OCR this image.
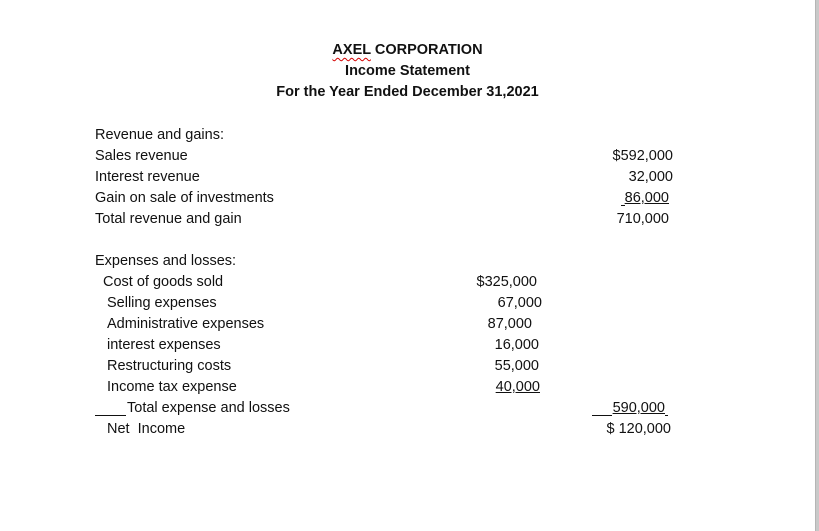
AXEL CORPORATION
Income Statement
For the Year Ended December 31,2021
Revenue and gains:
Sales revenue	$592,000
Interest revenue	32,000
Gain on sale of investments	86,000
Total revenue and gain	710,000
Expenses and losses:
Cost of goods sold	$325,000
Selling expenses	67,000
Administrative expenses	87,000
interest expenses	16,000
Restructuring costs	55,000
Income tax expense	40,000
Total expense and losses	590,000
Net  Income	$ 120,000
